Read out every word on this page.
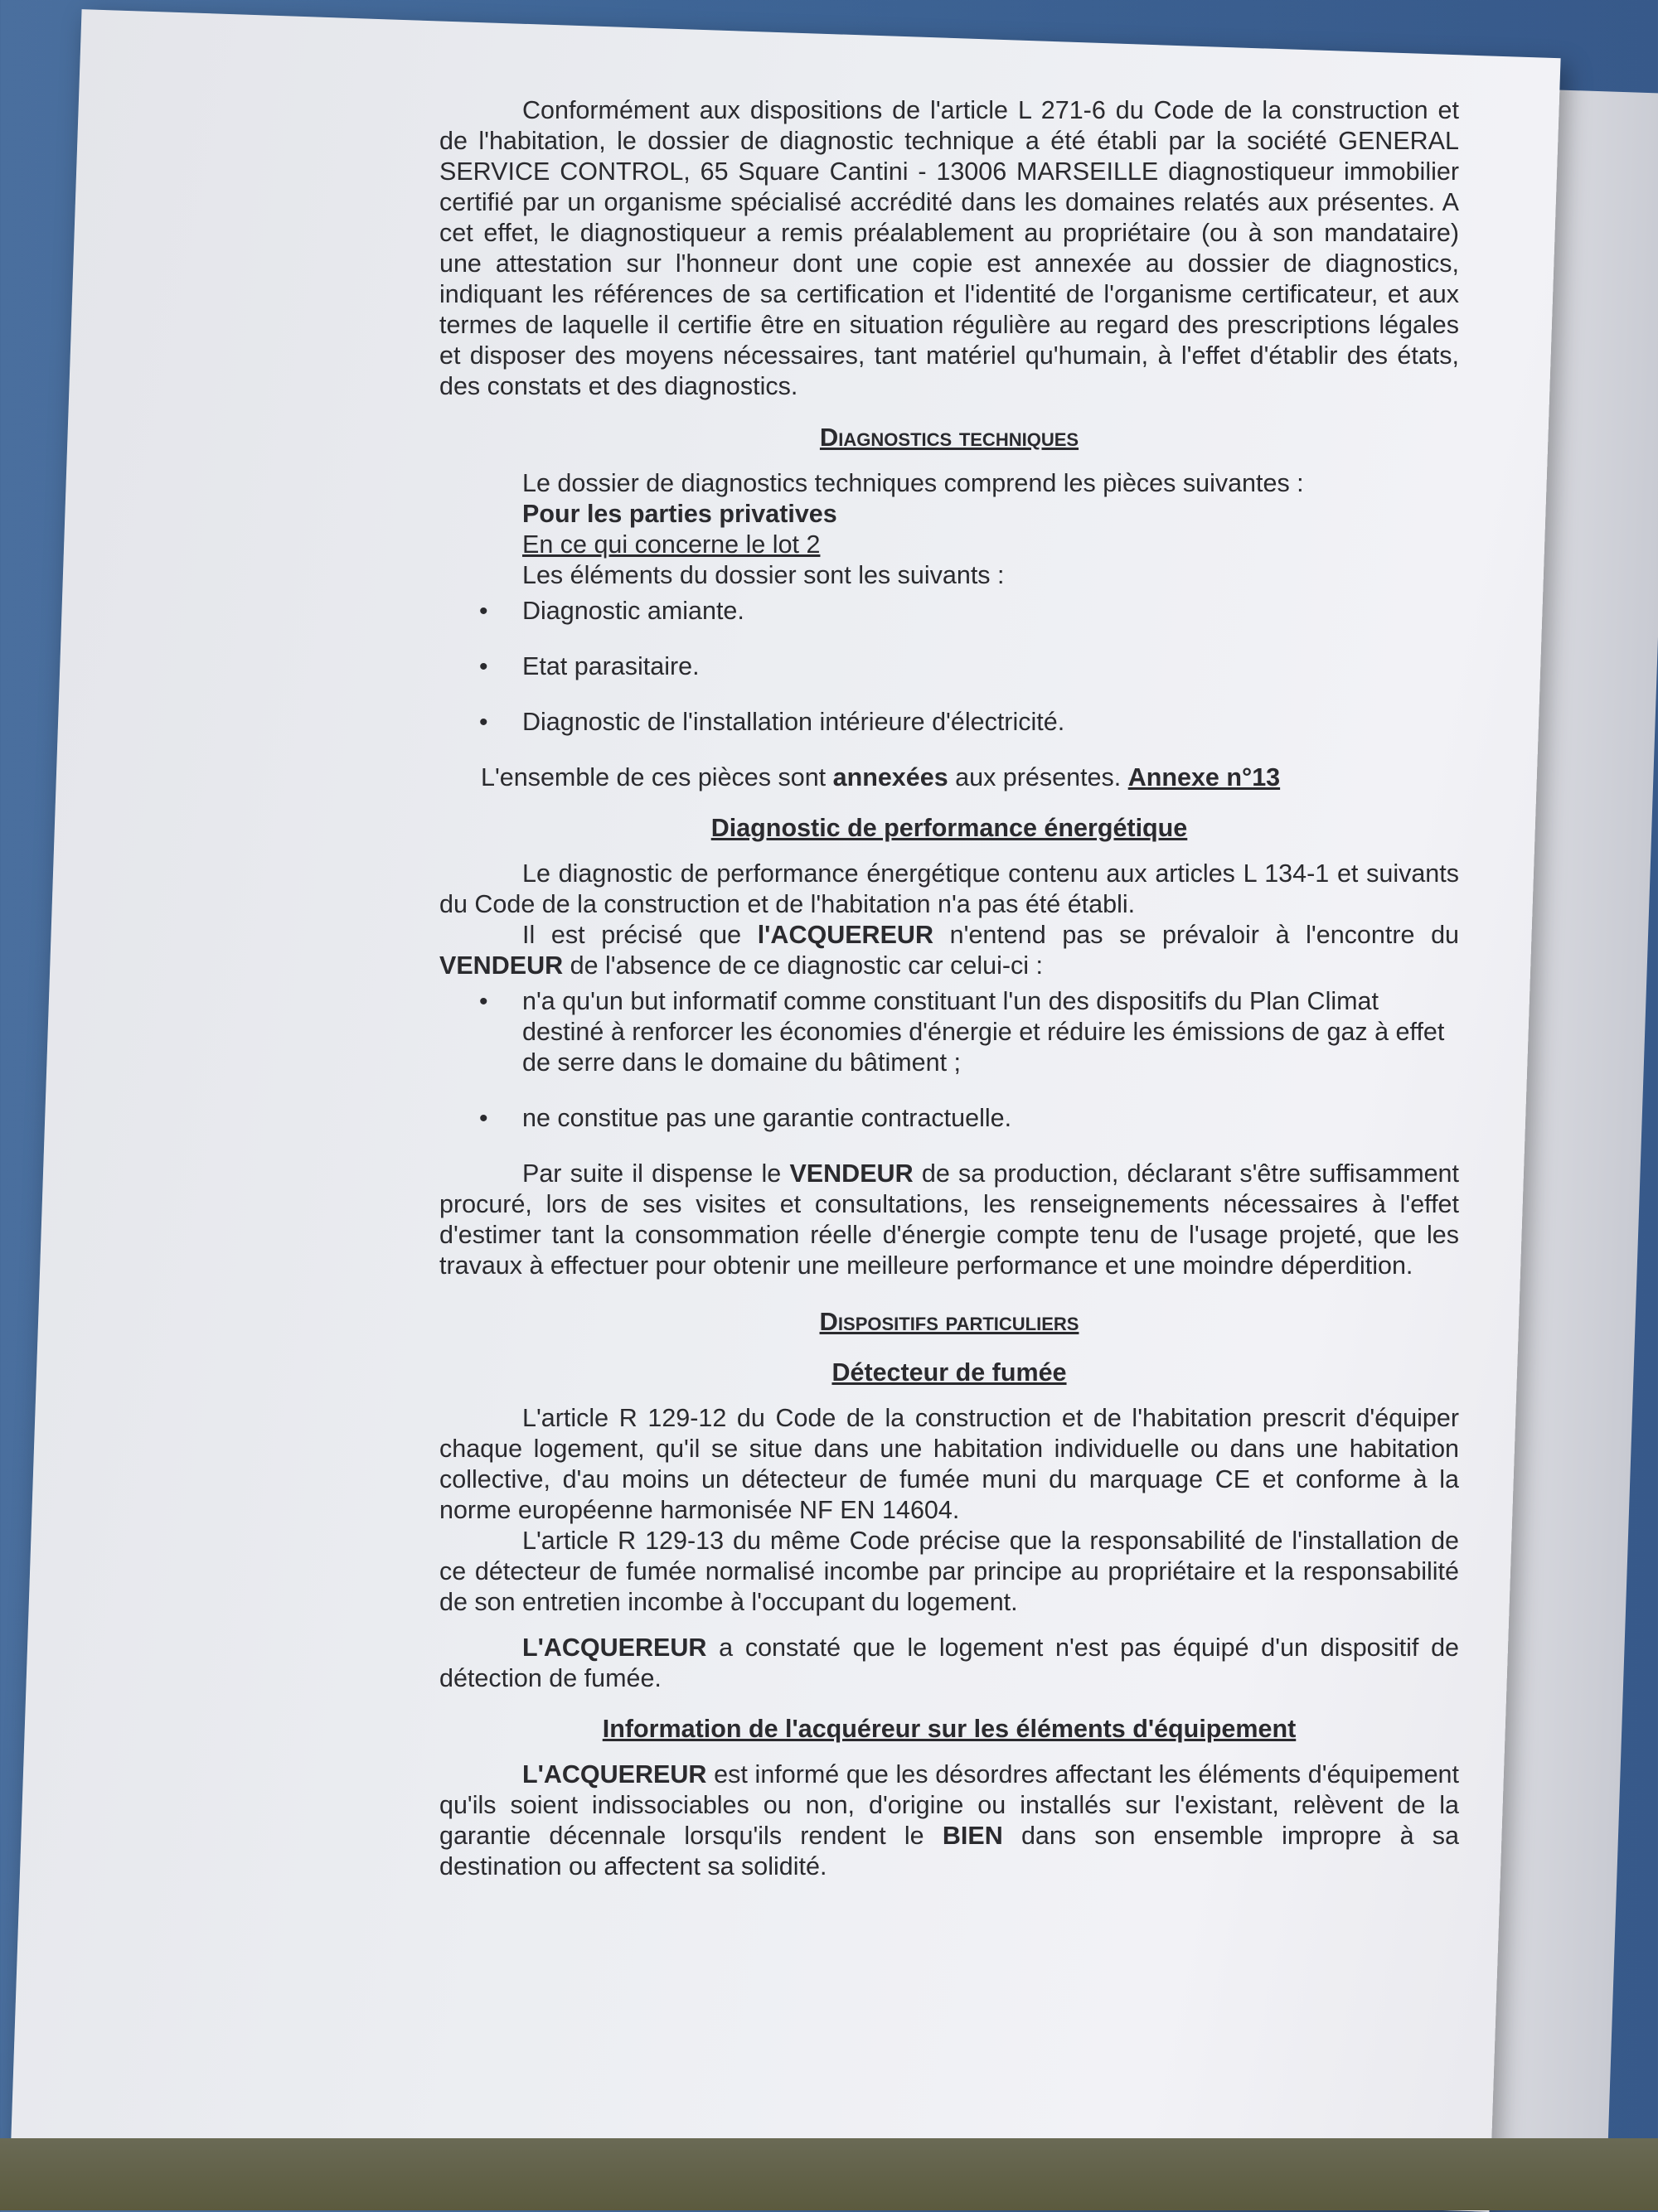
Conformément aux dispositions de l'article L 271-6 du Code de la construction et de l'habitation, le dossier de diagnostic technique a été établi par la société GENERAL SERVICE CONTROL, 65 Square Cantini - 13006 MARSEILLE diagnostiqueur immobilier certifié par un organisme spécialisé accrédité dans les domaines relatés aux présentes. A cet effet, le diagnostiqueur a remis préalablement au propriétaire (ou à son mandataire) une attestation sur l'honneur dont une copie est annexée au dossier de diagnostics, indiquant les références de sa certification et l'identité de l'organisme certificateur, et aux termes de laquelle il certifie être en situation régulière au regard des prescriptions légales et disposer des moyens nécessaires, tant matériel qu'humain, à l'effet d'établir des états, des constats et des diagnostics.

Diagnostics techniques
Le dossier de diagnostics techniques comprend les pièces suivantes :
Pour les parties privatives
En ce qui concerne le lot 2
Les éléments du dossier sont les suivants :
• Diagnostic amiante.
• Etat parasitaire.
• Diagnostic de l'installation intérieure d'électricité.
L'ensemble de ces pièces sont annexées aux présentes. Annexe n°13
Diagnostic de performance énergétique

Le diagnostic de performance énergétique contenu aux articles L 134-1 et suivants du Code de la construction et de l'habitation n'a pas été établi.

Il est précisé que l'ACQUEREUR n'entend pas se prévaloir à l'encontre du VENDEUR de l'absence de ce diagnostic car celui-ci :

• n'a qu'un but informatif comme constituant l'un des dispositifs du Plan Climat destiné à renforcer les économies d'énergie et réduire les émissions de gaz à effet de serre dans le domaine du bâtiment ;
• ne constitue pas une garantie contractuelle.

Par suite il dispense le VENDEUR de sa production, déclarant s'être suffisamment procuré, lors de ses visites et consultations, les renseignements nécessaires à l'effet d'estimer tant la consommation réelle d'énergie compte tenu de l'usage projeté, que les travaux à effectuer pour obtenir une meilleure performance et une moindre déperdition.

Dispositifs particuliers
Détecteur de fumée

L'article R 129-12 du Code de la construction et de l'habitation prescrit d'équiper chaque logement, qu'il se situe dans une habitation individuelle ou dans une habitation collective, d'au moins un détecteur de fumée muni du marquage CE et conforme à la norme européenne harmonisée NF EN 14604.

L'article R 129-13 du même Code précise que la responsabilité de l'installation de ce détecteur de fumée normalisé incombe par principe au propriétaire et la responsabilité de son entretien incombe à l'occupant du logement.

L'ACQUEREUR a constaté que le logement n'est pas équipé d'un dispositif de détection de fumée.

Information de l'acquéreur sur les éléments d'équipement

L'ACQUEREUR est informé que les désordres affectant les éléments d'équipement qu'ils soient indissociables ou non, d'origine ou installés sur l'existant, relèvent de la garantie décennale lorsqu'ils rendent le BIEN dans son ensemble impropre à sa destination ou affectent sa solidité.
